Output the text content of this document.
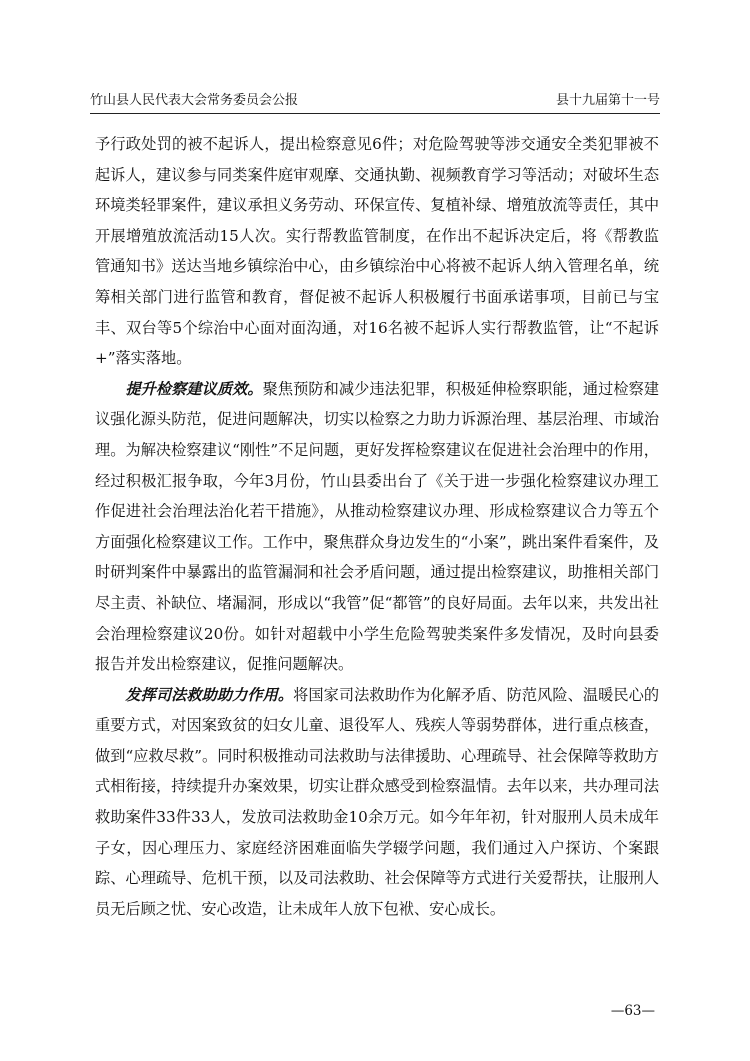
竹山县人民代表大会常务委员会公报	县十九届第十一号

予行政处罚的被不起诉人，提出检察意见6件；对危险驾驶等涉交通安全类犯罪被不起诉人，建议参与同类案件庭审观摩、交通执勤、视频教育学习等活动；对破坏生态环境类轻罪案件，建议承担义务劳动、环保宣传、复植补绿、增殖放流等责任，其中开展增殖放流活动15人次。实行帮教监管制度，在作出不起诉决定后，将《帮教监管通知书》送达当地乡镇综治中心，由乡镇综治中心将被不起诉人纳入管理名单，统筹相关部门进行监管和教育，督促被不起诉人积极履行书面承诺事项，目前已与宝丰、双台等5个综治中心面对面沟通，对16名被不起诉人实行帮教监管，让“不起诉+”落实落地。

提升检察建议质效。聚焦预防和减少违法犯罪，积极延伸检察职能，通过检察建议强化源头防范，促进问题解决，切实以检察之力助力诉源治理、基层治理、市域治理。为解决检察建议“刚性”不足问题，更好发挥检察建议在促进社会治理中的作用，经过积极汇报争取，今年3月份，竹山县委出台了《关于进一步强化检察建议办理工作促进社会治理法治化若干措施》，从推动检察建议办理、形成检察建议合力等五个方面强化检察建议工作。工作中，聚焦群众身边发生的“小案”，跳出案件看案件，及时研判案件中暴露出的监管漏洞和社会矛盾问题，通过提出检察建议，助推相关部门尽主责、补缺位、堵漏洞，形成以“我管”促“都管”的良好局面。去年以来，共发出社会治理检察建议20份。如针对超载中小学生危险驾驶类案件多发情况，及时向县委报告并发出检察建议，促推问题解决。

发挥司法救助助力作用。将国家司法救助作为化解矛盾、防范风险、温暖民心的重要方式，对因案致贫的妇女儿童、退役军人、残疾人等弱势群体，进行重点核查，做到“应救尽救”。同时积极推动司法救助与法律援助、心理疏导、社会保障等救助方式相衔接，持续提升办案效果，切实让群众感受到检察温情。去年以来，共办理司法救助案件33件33人，发放司法救助金10余万元。如今年年初，针对服刑人员未成年子女，因心理压力、家庭经济困难面临失学辍学问题，我们通过入户探访、个案跟踪、心理疏导、危机干预，以及司法救助、社会保障等方式进行关爱帮扶，让服刑人员无后顾之忧、安心改造，让未成年人放下包袱、安心成长。

—63—
